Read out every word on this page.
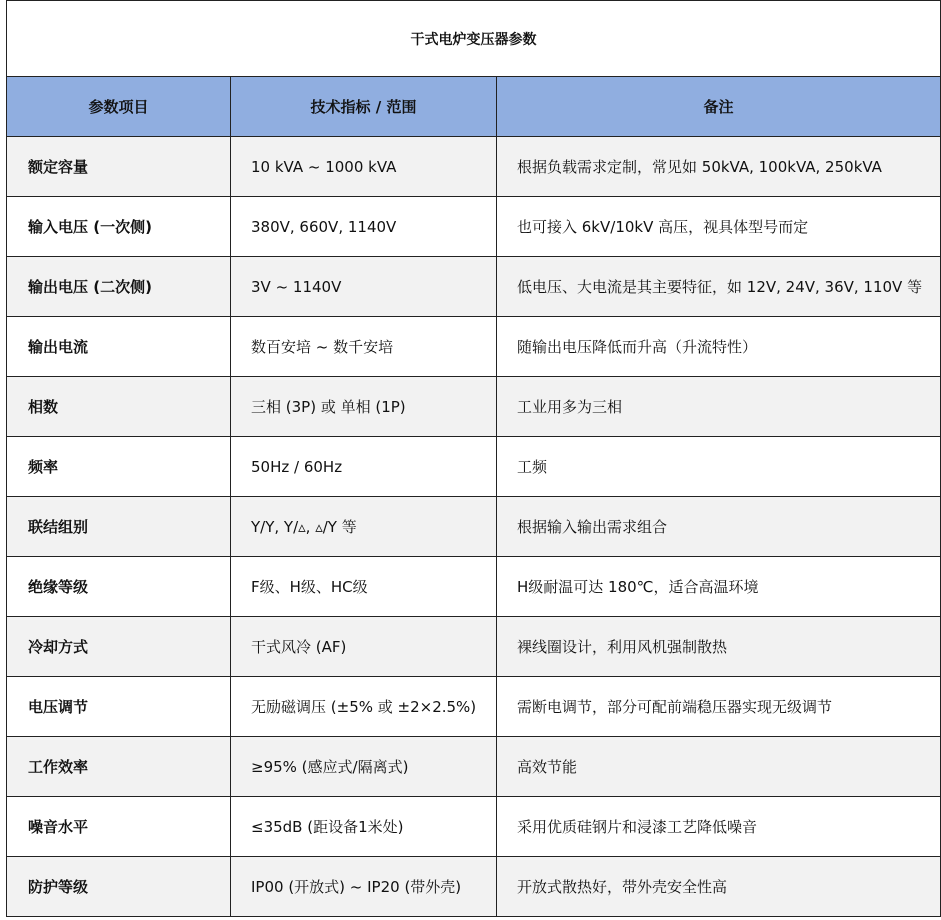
干式电炉变压器参数		
参数项目	技术指标 / 范围	备注
额定容量	10 kVA ~ 1000 kVA	根据负载需求定制，常见如 50kVA, 100kVA, 250kVA
输入电压 (一次侧)	380V, 660V, 1140V	也可接入 6kV/10kV 高压，视具体型号而定
输出电压 (二次侧)	3V ~ 1140V	低电压、大电流是其主要特征，如 12V, 24V, 36V, 110V 等
输出电流	数百安培 ~ 数千安培	随输出电压降低而升高（升流特性）
相数	三相 (3P) 或 单相 (1P)	工业用多为三相
频率	50Hz / 60Hz	工频
联结组别	Y/Y, Y/▵, ▵/Y 等	根据输入输出需求组合
绝缘等级	F级、H级、HC级	H级耐温可达 180℃，适合高温环境
冷却方式	干式风冷 (AF)	裸线圈设计，利用风机强制散热
电压调节	无励磁调压 (±5% 或 ±2×2.5%)	需断电调节，部分可配前端稳压器实现无级调节
工作效率	≥95% (感应式/隔离式)	高效节能
噪音水平	≤35dB (距设备1米处)	采用优质硅钢片和浸漆工艺降低噪音
防护等级	IP00 (开放式) ~ IP20 (带外壳)	开放式散热好，带外壳安全性高
